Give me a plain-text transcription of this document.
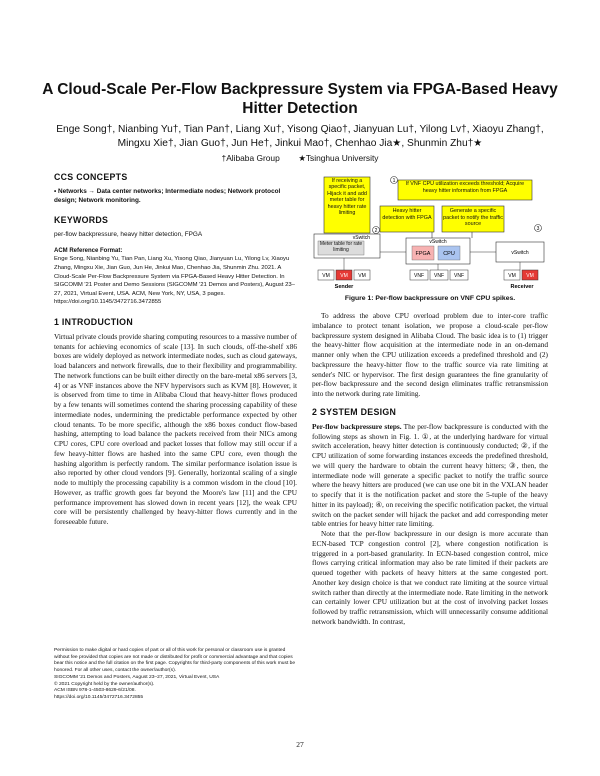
A Cloud-Scale Per-Flow Backpressure System via FPGA-Based Heavy Hitter Detection
Enge Song†, Nianbing Yu†, Tian Pan†, Liang Xu†, Yisong Qiao†, Jianyuan Lu†, Yilong Lv†, Xiaoyu Zhang†, Mingxu Xie†, Jian Guo†, Jun He†, Jinkui Mao†, Chenhao Jia★, Shunmin Zhu†★
†Alibaba Group        ★Tsinghua University
CCS CONCEPTS
• Networks → Data center networks; Intermediate nodes; Network protocol design; Network monitoring.
KEYWORDS
per-flow backpressure, heavy hitter detection, FPGA
ACM Reference Format:
Enge Song, Nianbing Yu, Tian Pan, Liang Xu, Yisong Qiao, Jianyuan Lu, Yilong Lv, Xiaoyu Zhang, Mingxu Xie, Jian Guo, Jun He, Jinkui Mao, Chenhao Jia, Shunmin Zhu. 2021. A Cloud-Scale Per-Flow Backpressure System via FPGA-Based Heavy Hitter Detection. In SIGCOMM '21 Poster and Demo Sessions (SIGCOMM '21 Demos and Posters), August 23–27, 2021, Virtual Event, USA. ACM, New York, NY, USA, 3 pages. https://doi.org/10.1145/3472716.3472855
1 INTRODUCTION

Virtual private clouds provide sharing computing resources to a massive number of tenants for achieving economics of scale [13]. In such clouds, off-the-shelf x86 boxes are widely deployed as network intermediate nodes, such as cloud gateways, load balancers and network firewalls, due to their flexibility and programmability. The network functions can be built either directly on the bare-metal x86 servers [3, 4] or as VNF instances above the NFV hypervisors such as KVM [8]. However, it is observed from time to time in Alibaba Cloud that heavy-hitter flows produced by a few tenants will sometimes contend the sharing processing capability of these intermediate nodes, undermining the predictable performance expected by other cloud tenants. To be more specific, although the x86 boxes conduct flow-based hashing, attempting to load balance the packets received from their NICs among CPU cores, CPU core overload and packet losses that follow may still occur if a few heavy-hitter flows are hashed into the same CPU core, even though the hashing algorithm is perfectly random. The similar performance isolation issue is also reported by other cloud vendors [9]. Generally, horizontal scaling of a single node to multiply the processing capability is a common wisdom in the cloud [10]. However, as traffic growth goes far beyond the Moore's law [11] and the CPU performance improvement has slowed down in recent years [12], the weak CPU core will be persistently challenged by heavy-hitter flows currently and in the foreseeable future.

Permission to make digital or hard copies of part or all of this work for personal or classroom use is granted without fee provided that copies are not made or distributed for profit or commercial advantage and that copies bear this notice and the full citation on the first page. Copyrights for third-party components of this work must be honored. For all other uses, contact the owner/author(s).
SIGCOMM '21 Demos and Posters, August 23–27, 2021, Virtual Event, USA
© 2021 Copyright held by the owner/author(s).
ACM ISBN 978-1-4503-8629-6/21/08.
https://doi.org/10.1145/3472716.3472855
If receiving a specific packet, Hijack it and add meter table for heavy hitter rate limiting
If VNF CPU utilization exceeds threshold; Acquire heavy hitter information from FPGA
Heavy hitter detection with FPGA
Generate a specific packet to notify the traffic source
1
2	3
vSwitch
Meter table for rate limiting
vSwitch
FPGA CPU	vSwitch
VM VM VM
Sender
VNF VNF VNF	VM VM
Receiver
Figure 1: Per-flow backpressure on VNF CPU spikes.

To address the above CPU overload problem due to inter-core traffic imbalance to protect tenant isolation, we propose a cloud-scale per-flow backpressure system designed in Alibaba Cloud. The basic idea is to (1) trigger the heavy-hitter flow acquisition at the intermediate node in an on-demand manner only when the CPU utilization exceeds a predefined threshold and (2) backpressure the heavy-hitter flow to the traffic source via rate limiting at sender's NIC or hypervisor. The first design guarantees the fine granularity of per-flow backpressure and the second design eliminates traffic retransmission into the network during rate limiting.

2 SYSTEM DESIGN

Per-flow backpressure steps. The per-flow backpressure is conducted with the following steps as shown in Fig. 1. ①, at the underlying hardware for virtual switch acceleration, heavy hitter detection is continuously conducted; ②, if the CPU utilization of some forwarding instances exceeds the predefined threshold, we will query the hardware to obtain the current heavy hitters; ③, then, the intermediate node will generate a specific packet to notify the traffic source where the heavy hitters are produced (we can use one bit in the VXLAN header to specify that it is the notification packet and store the 5-tuple of the heavy hitter in its payload); ④, on receiving the specific notification packet, the virtual switch on the packet sender will hijack the packet and add corresponding meter table entries for heavy hitter rate limiting.

Note that the per-flow backpressure in our design is more accurate than ECN-based TCP congestion control [2], where congestion notification is triggered in a port-based granularity. In ECN-based congestion control, mice flows carrying critical information may also be rate limited if their packets are queued together with packets of heavy hitters at the same congested port. Another key design choice is that we conduct rate limiting at the source virtual switch rather than directly at the intermediate node. Rate limiting in the network can certainly lower CPU utilization but at the cost of involving packet losses followed by traffic retransmission, which will unnecessarily consume additional network bandwidth. In contrast,

27
